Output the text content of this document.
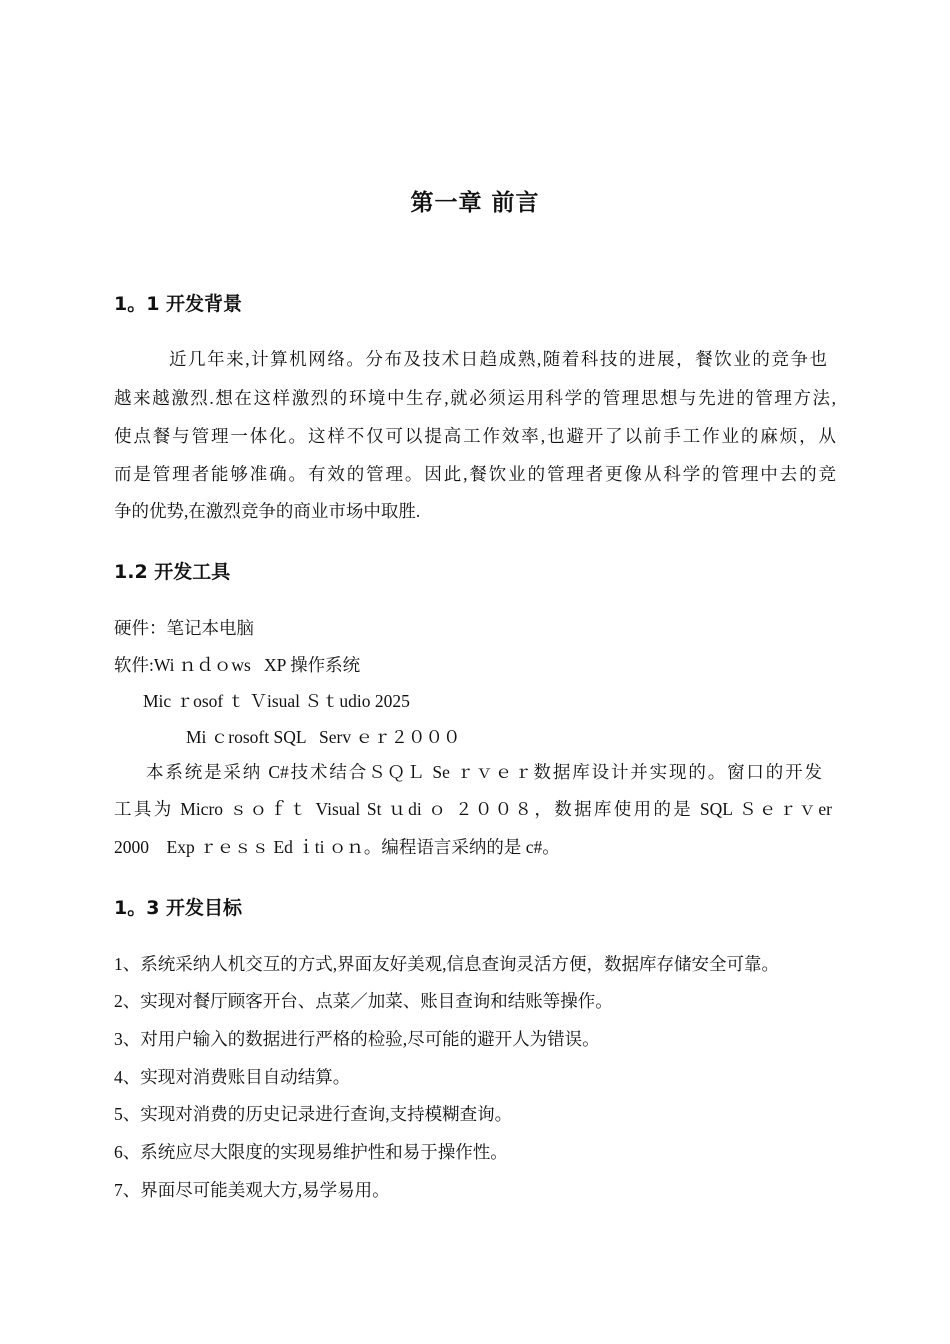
第一章 前言
1。1 开发背景
近几年来,计算机网络。分布及技术日趋成熟,随着科技的进展，餐饮业的竞争也
越来越激烈.想在这样激烈的环境中生存,就必须运用科学的管理思想与先进的管理方法,
使点餐与管理一体化。这样不仅可以提高工作效率,也避开了以前手工作业的麻烦，从
而是管理者能够准确。有效的管理。因此,餐饮业的管理者更像从科学的管理中去的竞
争的优势,在激烈竞争的商业市场中取胜.
1.2 开发工具
硬件：笔记本电脑
软件:Wi ｎｄｏws   XP 操作系统
Mic ｒosof ｔ Ｖisual Ｓｔudio 2025
Mi ｃrosoft SQL   Serv ｅｒ２０００
本系统是采纳 C#技术结合ＳＱＬ Se ｒｖｅｒ数据库设计并实现的。窗口的开发
工具为 Micro ｓｏｆｔ Visual St ｕdi ｏ ２００８，数据库使用的是 SQL Ｓｅｒｖer
2000    Exp ｒｅｓｓ Ed ｉti ｏｎ。编程语言采纳的是 c#。
1。3 开发目标
1、系统采纳人机交互的方式,界面友好美观,信息查询灵活方便，数据库存储安全可靠。
2、实现对餐厅顾客开台、点菜／加菜、账目查询和结账等操作。
3、对用户输入的数据进行严格的检验,尽可能的避开人为错误。
4、实现对消费账目自动结算。
5、实现对消费的历史记录进行查询,支持模糊查询。
6、系统应尽大限度的实现易维护性和易于操作性。
7、界面尽可能美观大方,易学易用。
